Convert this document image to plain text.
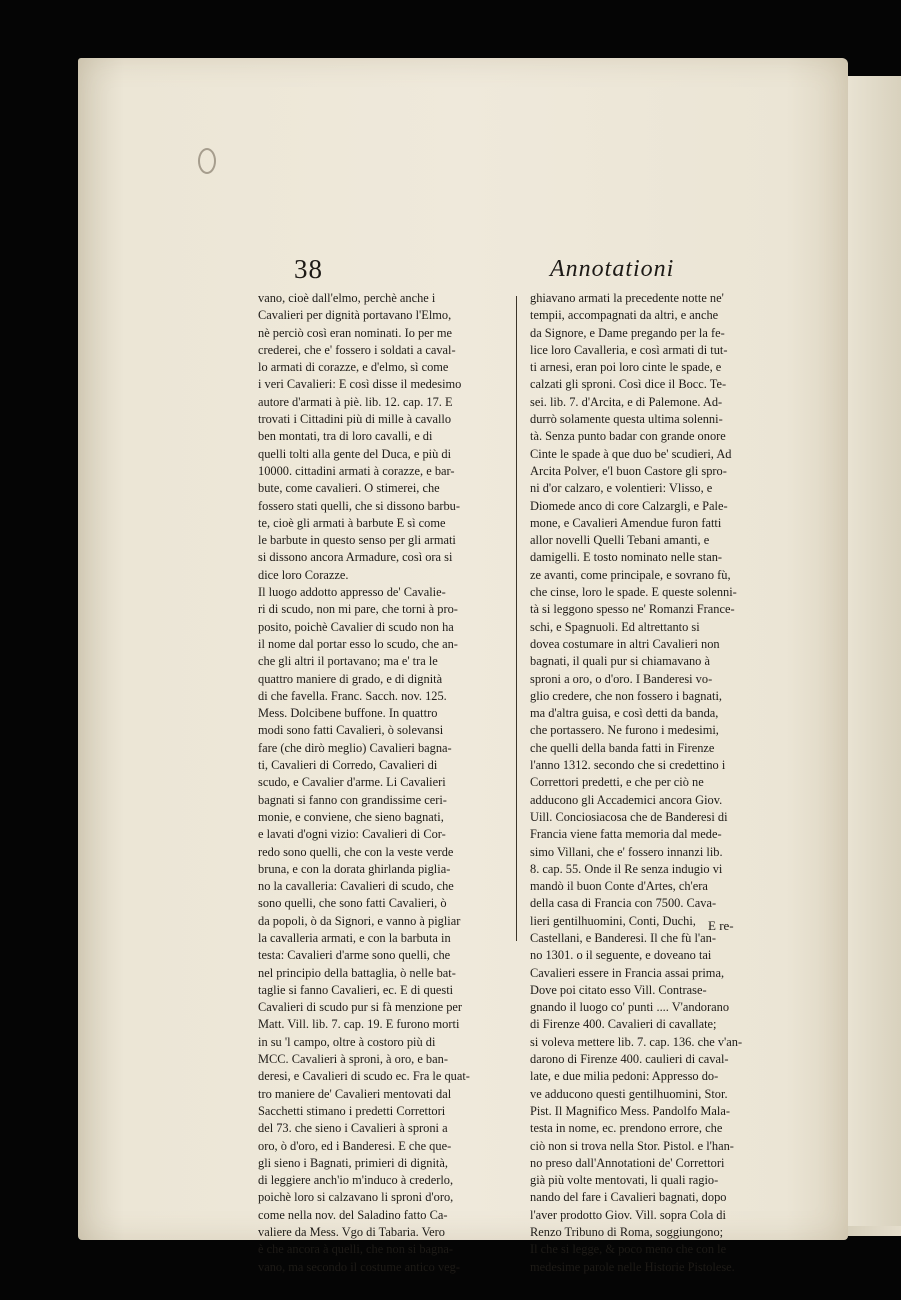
38	Annotationi
vano, cioè dall'elmo, perchè anche i
Cavalieri per dignità portavano l'Elmo,
nè perciò così eran nominati. Io per me
crederei, che e' fossero i soldati a caval-
lo armati di corazze, e d'elmo, sì come
i veri Cavalieri: E così disse il medesimo
autore d'armati à piè. lib. 12. cap. 17. E
trovati i Cittadini più di mille à cavallo
ben montati, tra di loro cavalli, e di
quelli tolti alla gente del Duca, e più di
10000. cittadini armati à corazze, e bar-
bute, come cavalieri. O stimerei, che
fossero stati quelli, che si dissono barbu-
te, cioè gli armati à barbute E sì come
le barbute in questo senso per gli armati
si dissono ancora Armadure, così ora si
dice loro Corazze.
Il luogo addotto appresso de' Cavalie-
ri di scudo, non mi pare, che torni à pro-
posito, poichè Cavalier di scudo non ha
il nome dal portar esso lo scudo, che an-
che gli altri il portavano; ma e' tra le
quattro maniere di grado, e di dignità
di che favella. Franc. Sacch. nov. 125.
Mess. Dolcibene buffone. In quattro
modi sono fatti Cavalieri, ò solevansi
fare (che dirò meglio) Cavalieri bagna-
ti, Cavalieri di Corredo, Cavalieri di
scudo, e Cavalier d'arme. Li Cavalieri
bagnati si fanno con grandissime ceri-
monie, e conviene, che sieno bagnati,
e lavati d'ogni vizio: Cavalieri di Cor-
redo sono quelli, che con la veste verde
bruna, e con la dorata ghirlanda piglia-
no la cavalleria: Cavalieri di scudo, che
sono quelli, che sono fatti Cavalieri, ò
da popoli, ò da Signori, e vanno à pigliar
la cavalleria armati, e con la barbuta in
testa: Cavalieri d'arme sono quelli, che
nel principio della battaglia, ò nelle bat-
taglie si fanno Cavalieri, ec. E di questi
Cavalieri di scudo pur si fà menzione per
Matt. Vill. lib. 7. cap. 19. E furono morti
in su 'l campo, oltre à costoro più di
MCC. Cavalieri à sproni, à oro, e ban-
deresi, e Cavalieri di scudo ec. Fra le quat-
tro maniere de' Cavalieri mentovati dal
Sacchetti stimano i predetti Correttori
del 73. che sieno i Cavalieri à sproni a
oro, ò d'oro, ed i Banderesi. E che que-
gli sieno i Bagnati, primieri di dignità,
di leggiere anch'io m'induco à crederlo,
poichè loro si calzavano li sproni d'oro,
come nella nov. del Saladino fatto Ca-
valiere da Mess. Vgo di Tabaria. Vero
è che ancora à quelli, che non si bagna-
vano, ma secondo il costume antico veg-
ghiavano armati la precedente notte ne'
tempii, accompagnati da altri, e anche
da Signore, e Dame pregando per la fe-
lice loro Cavalleria, e così armati di tut-
ti arnesi, eran poi loro cinte le spade, e
calzati gli sproni. Così dice il Bocc. Te-
sei. lib. 7. d'Arcita, e di Palemone. Ad-
durrò solamente questa ultima solenni-
tà. Senza punto badar con grande onore
Cinte le spade à que duo be' scudieri, Ad
Arcita Polver, e'l buon Castore gli spro-
ni d'or calzaro, e volentieri: Vlisso, e
Diomede anco di core Calzargli, e Pale-
mone, e Cavalieri Amendue furon fatti
allor novelli Quelli Tebani amanti, e
damigelli. E tosto nominato nelle stan-
ze avanti, come principale, e sovrano fù,
che cinse, loro le spade. E queste solenni-
tà si leggono spesso ne' Romanzi France-
schi, e Spagnuoli. Ed altrettanto si
dovea costumare in altri Cavalieri non
bagnati, il quali pur si chiamavano à
sproni a oro, o d'oro. I Banderesi vo-
glio credere, che non fossero i bagnati,
ma d'altra guisa, e così detti da banda,
che portassero. Ne furono i medesimi,
che quelli della banda fatti in Firenze
l'anno 1312. secondo che si credettino i
Correttori predetti, e che per ciò ne
adducono gli Accademici ancora Giov.
Uill. Conciosiacosa che de Banderesi di
Francia viene fatta memoria dal mede-
simo Villani, che e' fossero innanzi lib.
8. cap. 55. Onde il Re senza indugio vi
mandò il buon Conte d'Artes, ch'era
della casa di Francia con 7500. Cava-
lieri gentilhuomini, Conti, Duchi,
Castellani, e Banderesi. Il che fù l'an-
no 1301. o il seguente, e doveano tai
Cavalieri essere in Francia assai prima,
Dove poi citato esso Vill. Contrase-
gnando il luogo co' punti .... V'andorano
di Firenze 400. Cavalieri di cavallate;
si voleva mettere lib. 7. cap. 136. che v'an-
darono di Firenze 400. caulieri di caval-
late, e due milia pedoni: Appresso do-
ve adducono questi gentilhuomini, Stor.
Pist. Il Magnifico Mess. Pandolfo Mala-
testa in nome, ec. prendono errore, che
ciò non si trova nella Stor. Pistol. e l'han-
no preso dall'Annotationi de' Correttori
già più volte mentovati, li quali ragio-
nando del fare i Cavalieri bagnati, dopo
l'aver prodotto Giov. Vill. sopra Cola di
Renzo Tribuno di Roma, soggiungono;
Il che si legge, & poco meno che con le
medesime parole nelle Historie Pistolese.
E re-
